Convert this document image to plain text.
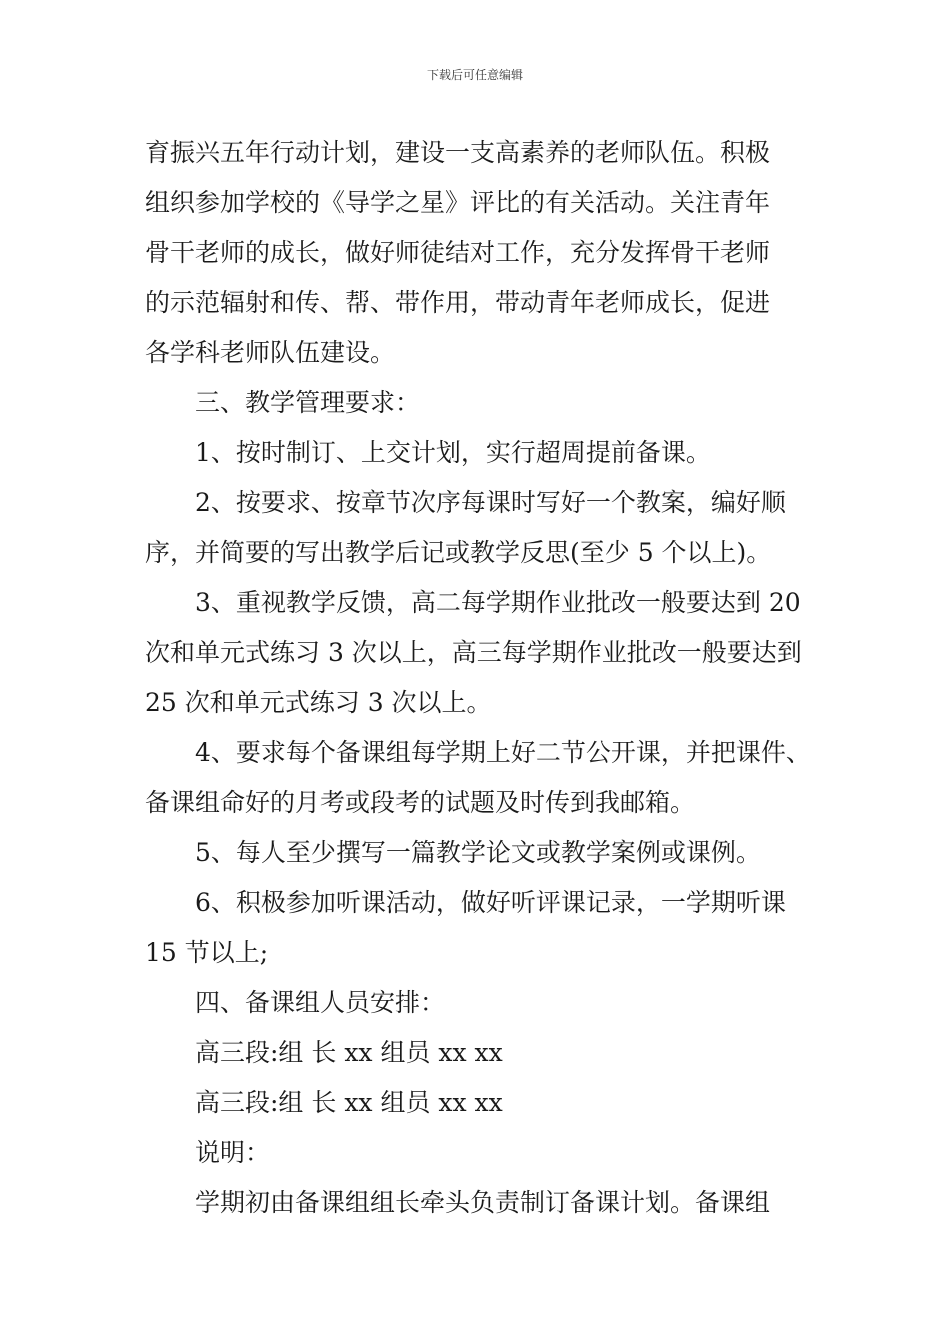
下载后可任意编辑
育振兴五年行动计划，建设一支高素养的老师队伍。积极
组织参加学校的《导学之星》评比的有关活动。关注青年
骨干老师的成长，做好师徒结对工作，充分发挥骨干老师
的示范辐射和传、帮、带作用，带动青年老师成长，促进
各学科老师队伍建设。
三、教学管理要求：
1、按时制订、上交计划，实行超周提前备课。
2、按要求、按章节次序每课时写好一个教案，编好顺
序，并简要的写出教学后记或教学反思(至少 5 个以上)。
3、重视教学反馈，高二每学期作业批改一般要达到 20
次和单元式练习 3 次以上，高三每学期作业批改一般要达到
25 次和单元式练习 3 次以上。
4、要求每个备课组每学期上好二节公开课，并把课件、
备课组命好的月考或段考的试题及时传到我邮箱。
5、每人至少撰写一篇教学论文或教学案例或课例。
6、积极参加听课活动，做好听评课记录，一学期听课
15 节以上;
四、备课组人员安排：
高三段:组 长 xx 组员 xx xx
高三段:组 长 xx 组员 xx xx
说明：
学期初由备课组组长牵头负责制订备课计划。备课组
